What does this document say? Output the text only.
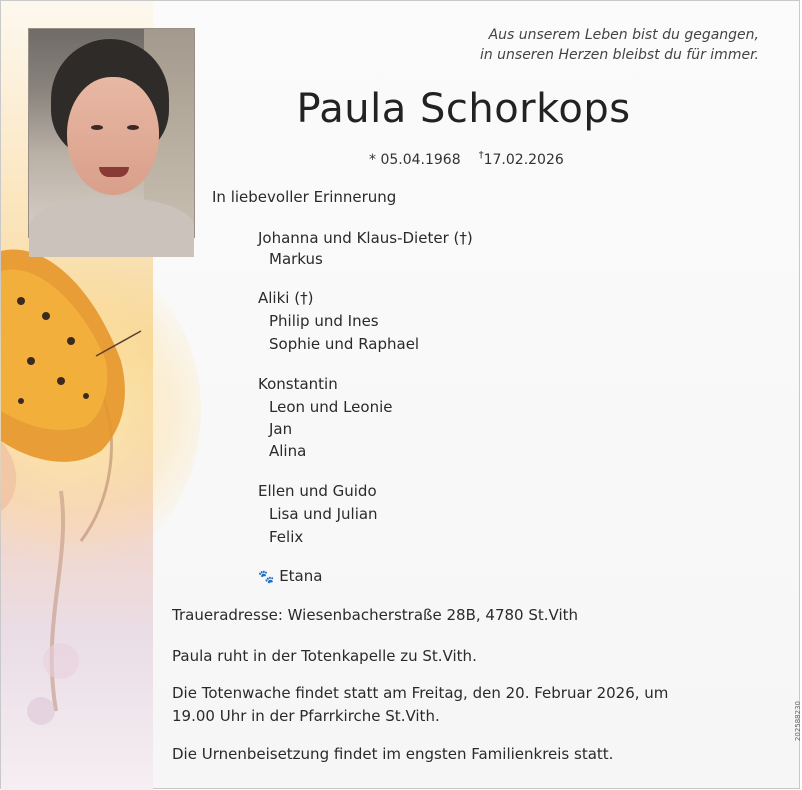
Aus unserem Leben bist du gegangen,
in unseren Herzen bleibst du für immer.
Paula Schorkops
* 05.04.1968 †17.02.2026
In liebevoller Erinnerung
Johanna und Klaus-Dieter (†)
Markus
Aliki (†)
Philip und Ines
Sophie und Raphael
Konstantin
Leon und Leonie
Jan
Alina
Ellen und Guido
Lisa und Julian
Felix
🐾 Etana
Traueradresse: Wiesenbacherstraße 28B, 4780 St.Vith
Paula ruht in der Totenkapelle zu St.Vith.
Die Totenwache findet statt am Freitag, den 20. Februar 2026, um
19.00 Uhr in der Pfarrkirche St.Vith.
Die Urnenbeisetzung findet im engsten Familienkreis statt.
202588230
